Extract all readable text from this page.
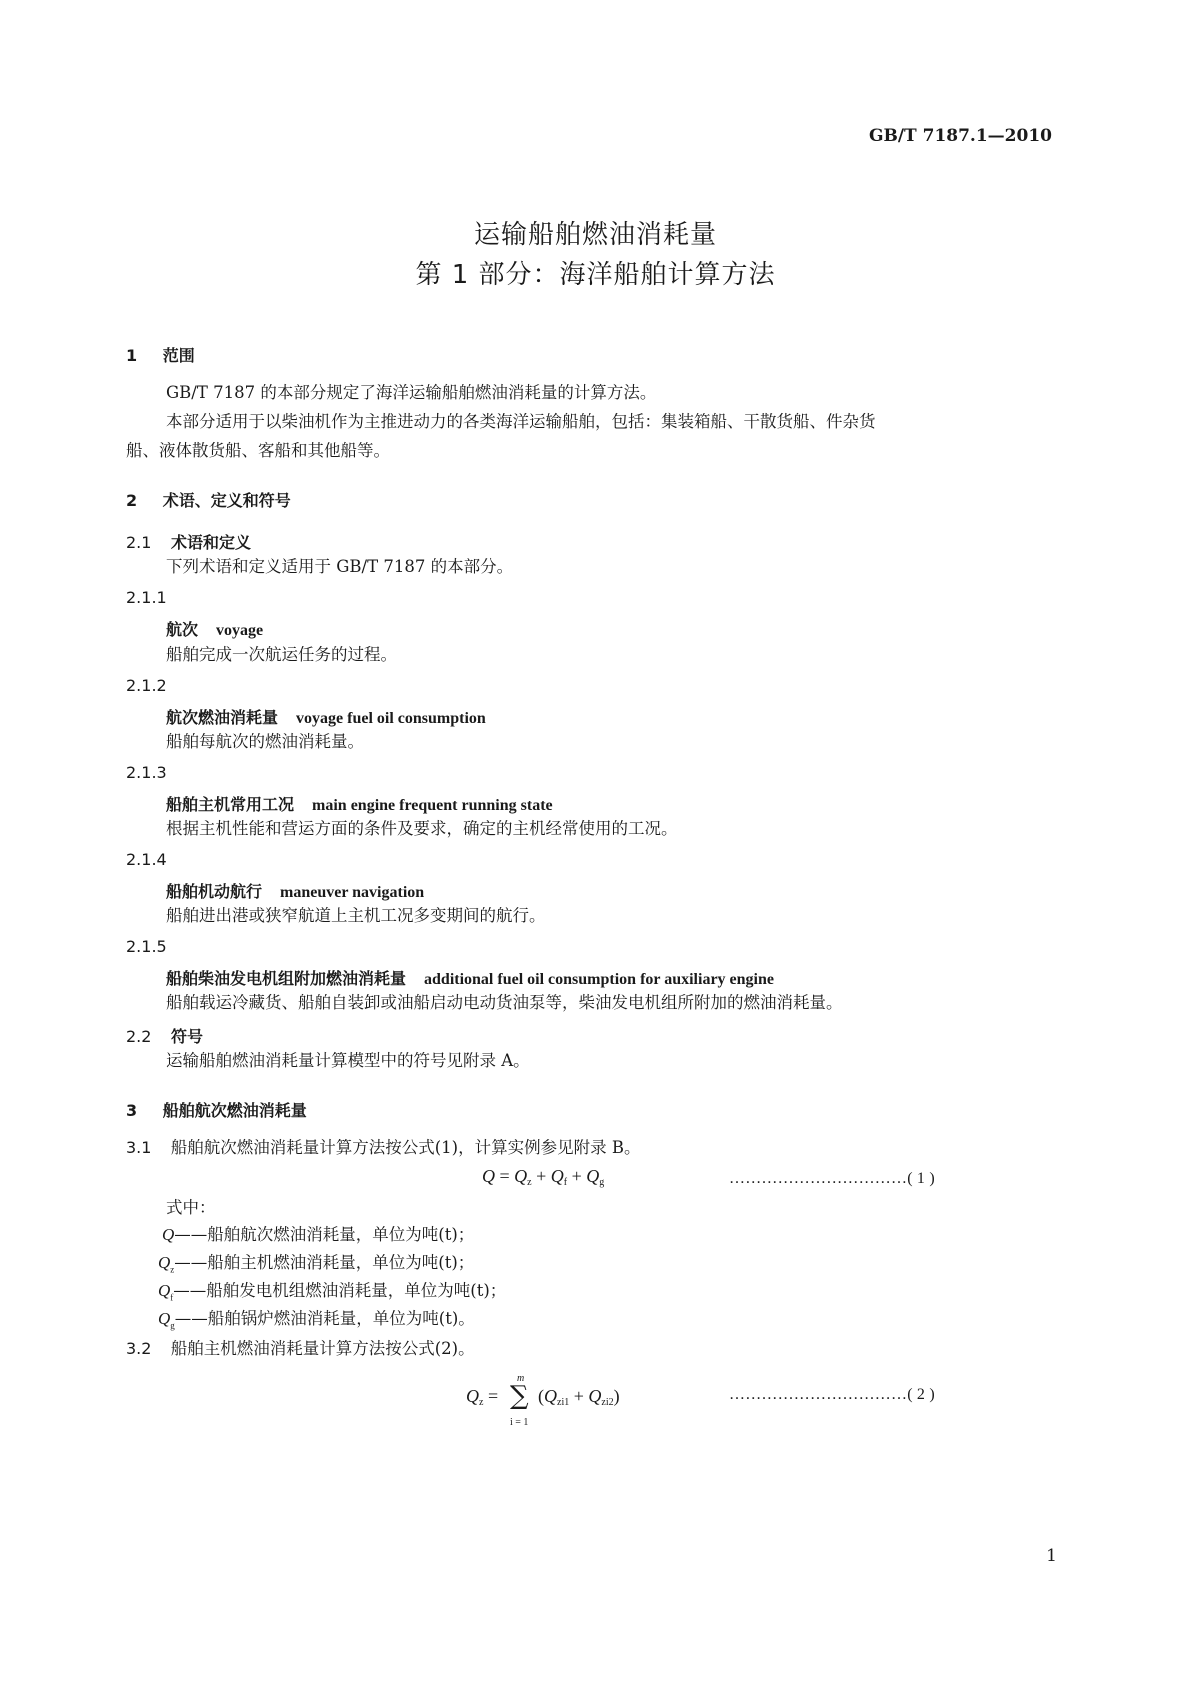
GB/T 7187.1—2010
运输船舶燃油消耗量
第 1 部分：海洋船舶计算方法
1 范围
GB/T 7187 的本部分规定了海洋运输船舶燃油消耗量的计算方法。
本部分适用于以柴油机作为主推进动力的各类海洋运输船舶，包括：集装箱船、干散货船、件杂货
船、液体散货船、客船和其他船等。
2 术语、定义和符号
2.1 术语和定义
下列术语和定义适用于 GB/T 7187 的本部分。
2.1.1
航次 voyage
船舶完成一次航运任务的过程。
2.1.2
航次燃油消耗量 voyage fuel oil consumption
船舶每航次的燃油消耗量。
2.1.3
船舶主机常用工况 main engine frequent running state
根据主机性能和营运方面的条件及要求，确定的主机经常使用的工况。
2.1.4
船舶机动航行 maneuver navigation
船舶进出港或狭窄航道上主机工况多变期间的航行。
2.1.5
船舶柴油发电机组附加燃油消耗量 additional fuel oil consumption for auxiliary engine
船舶载运冷藏货、船舶自装卸或油船启动电动货油泵等，柴油发电机组所附加的燃油消耗量。
2.2 符号
运输船舶燃油消耗量计算模型中的符号见附录 A。
3 船舶航次燃油消耗量
3.1 船舶航次燃油消耗量计算方法按公式(1)，计算实例参见附录 B。
$Q = Q_z + Q_f + Q_g$	……………………………( 1 )
式中：
Q——船舶航次燃油消耗量，单位为吨(t)；
$Q_z——$船舶主机燃油消耗量，单位为吨(t)；
$Q_f——$船舶发电机组燃油消耗量，单位为吨(t)；
$Q_g——$船舶锅炉燃油消耗量，单位为吨(t)。
3.2 船舶主机燃油消耗量计算方法按公式(2)。
$Q_z$ =
m
∑
i = 1
$(Q_{zi1} + Q_{zi2})$	……………………………( 2 )
1
